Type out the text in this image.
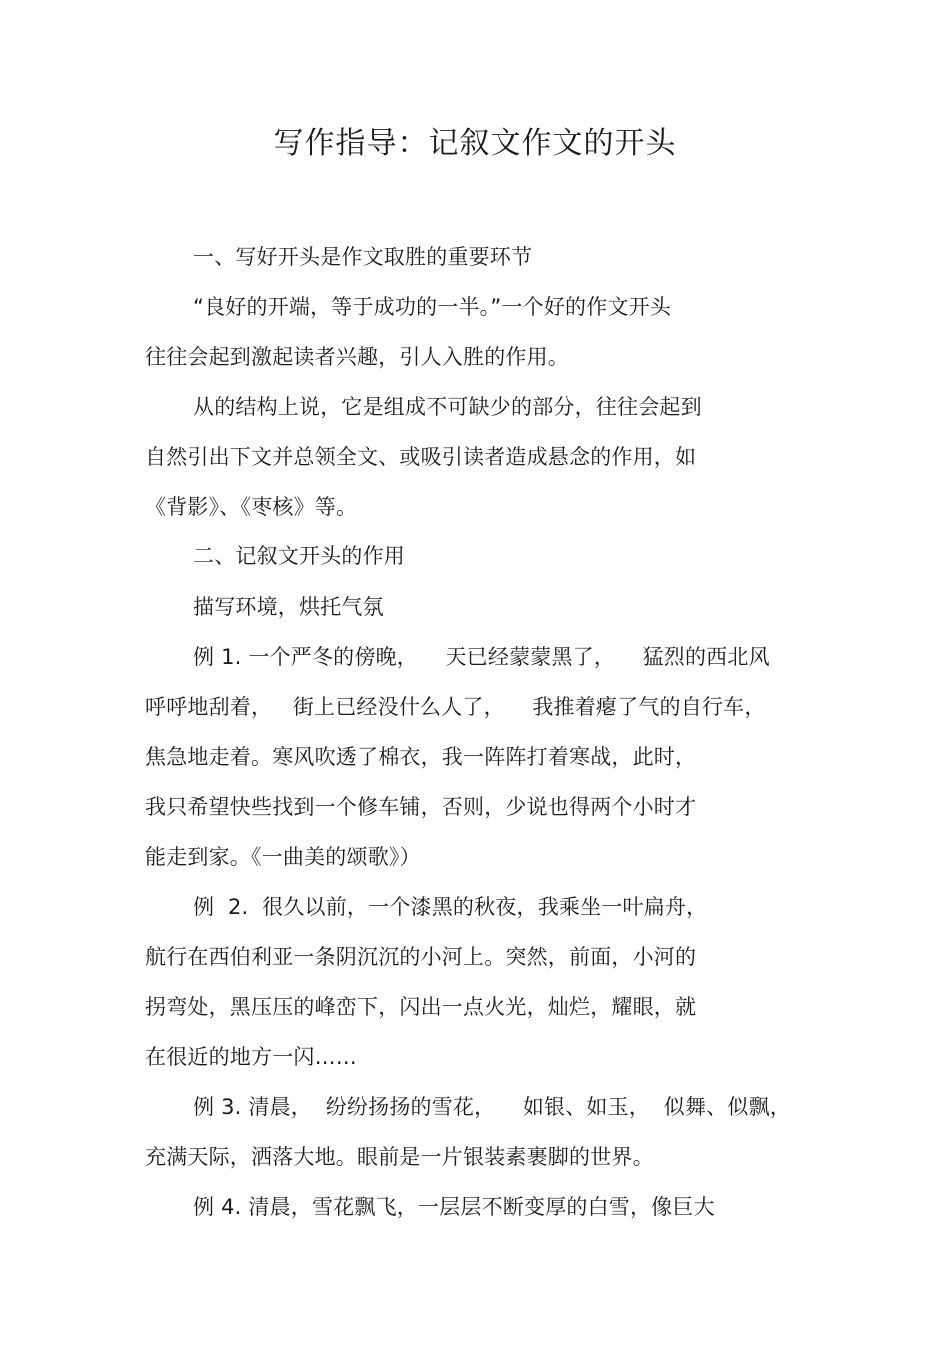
写作指导：记叙文作文的开头
一、写好开头是作文取胜的重要环节
“良好的开端，等于成功的一半。”一个好的作文开头
往往会起到激起读者兴趣，引人入胜的作用。
从的结构上说，它是组成不可缺少的部分，往往会起到
自然引出下文并总领全文、或吸引读者造成悬念的作用，如
《背影》、《枣核》等。
二、记叙文开头的作用
描写环境，烘托气氛
例 1. 一个严冬的傍晚，    天已经蒙蒙黑了，    猛烈的西北风
呼呼地刮着，   街上已经没什么人了，    我推着瘪了气的自行车，
焦急地走着。寒风吹透了棉衣，我一阵阵打着寒战，此时，
我只希望快些找到一个修车铺，否则，少说也得两个小时才
能走到家。《一曲美的颂歌》）
例  2.  很久以前，一个漆黑的秋夜，我乘坐一叶扁舟，
航行在西伯利亚一条阴沉沉的小河上。突然，前面，小河的
拐弯处，黑压压的峰峦下，闪出一点火光，灿烂，耀眼，就
在很近的地方一闪……
例 3. 清晨，  纷纷扬扬的雪花，    如银、如玉，  似舞、似飘，
充满天际，洒落大地。眼前是一片银装素裹脚的世界。
例 4. 清晨，雪花飘飞，一层层不断变厚的白雪，像巨大
